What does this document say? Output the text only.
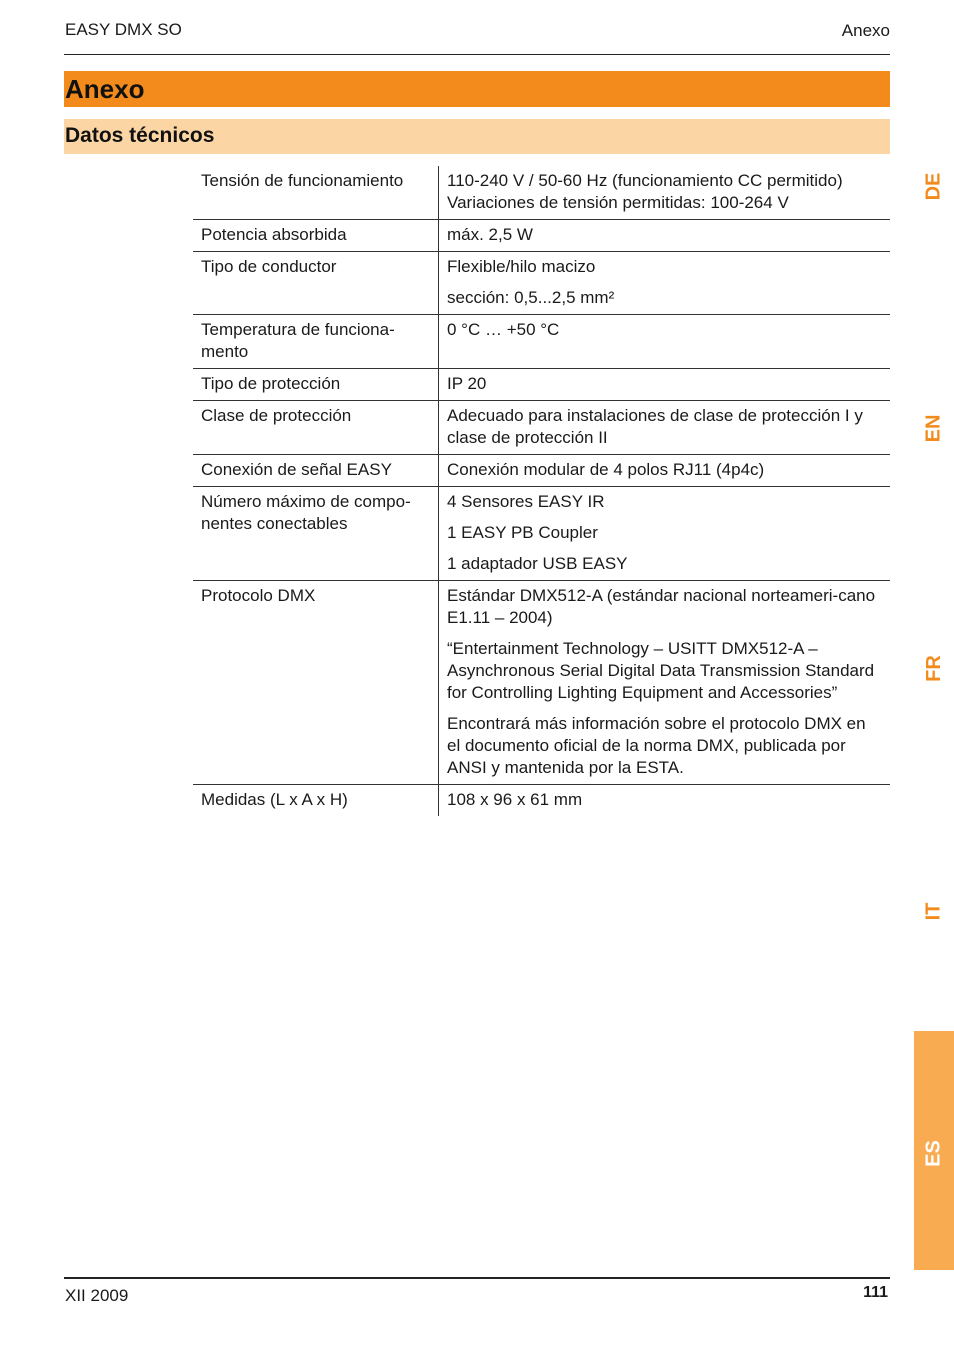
EASY DMX SO	Anexo
Anexo
Datos técnicos
Tensión de funcionamiento	110-240 V / 50-60 Hz (funcionamiento CC permitido) Variaciones de tensión permitidas: 100-264 V

Potencia absorbida	máx. 2,5 W

Tipo de conductor	Flexible/hilo macizo

sección: 0,5...2,5 mm²

Temperatura de funciona-mento	0 °C … +50 °C

Tipo de protección	IP 20

Clase de protección	Adecuado para instalaciones de clase de protección I y clase de protección II

Conexión de señal EASY	Conexión modular de 4 polos RJ11 (4p4c)

Número máximo de compo-nentes conectables	4 Sensores EASY IR

1 EASY PB Coupler

1 adaptador USB EASY

Protocolo DMX	Estándar DMX512-A (estándar nacional norteameri-cano E1.11 – 2004)

“Entertainment Technology – USITT DMX512-A – Asynchronous Serial Digital Data Transmission Standard for Controlling Lighting Equipment and Accessories”

Encontrará más información sobre el protocolo DMX en el documento oficial de la norma DMX, publicada por ANSI y mantenida por la ESTA.

Medidas (L x A x H)	108 x 96 x 61 mm

DE
EN
FR
IT
ES
XII 2009	111
